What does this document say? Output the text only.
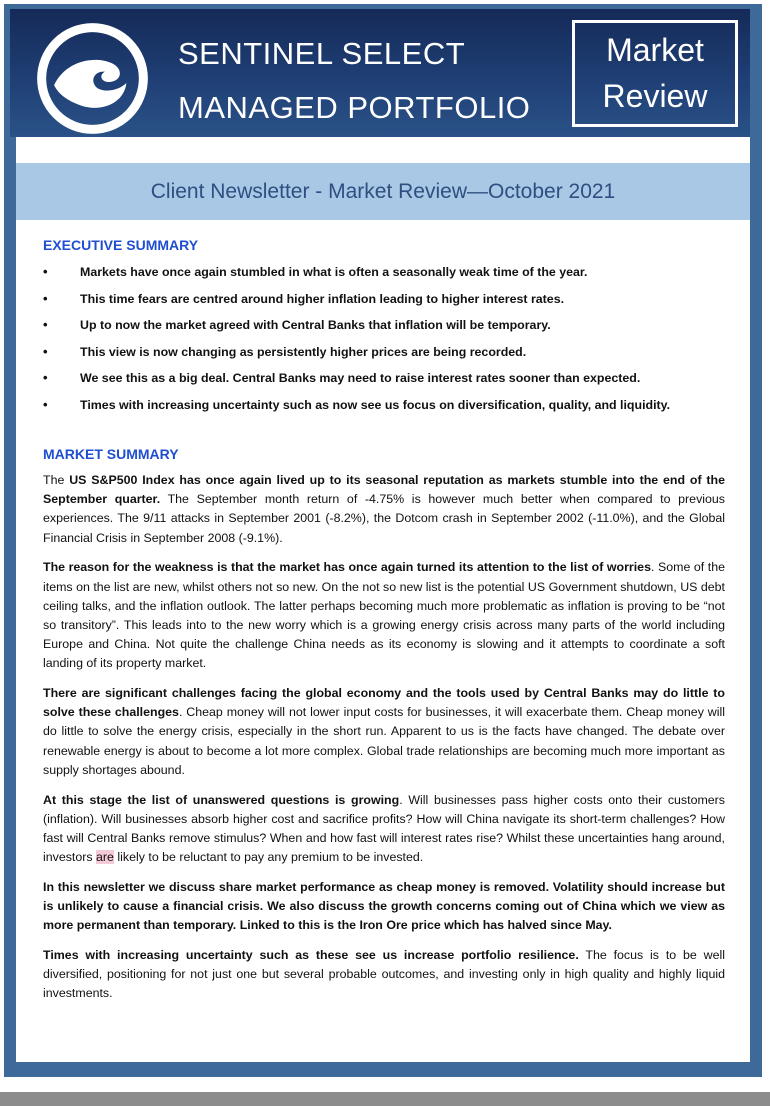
SENTINEL SELECT
MANAGED PORTFOLIO
Market
Review
Client Newsletter - Market Review—October 2021
EXECUTIVE SUMMARY
• Markets have once again stumbled in what is often a seasonally weak time of the year.
• This time fears are centred around higher inflation leading to higher interest rates.
• Up to now the market agreed with Central Banks that inflation will be temporary.
• This view is now changing as persistently higher prices are being recorded.
• We see this as a big deal. Central Banks may need to raise interest rates sooner than expected.
• Times with increasing uncertainty such as now see us focus on diversification, quality, and liquidity.
MARKET SUMMARY

The US S&P500 Index has once again lived up to its seasonal reputation as markets stumble into the end of the September quarter. The September month return of -4.75% is however much better when compared to previous experiences. The 9/11 attacks in September 2001 (-8.2%), the Dotcom crash in September 2002 (-11.0%), and the Global Financial Crisis in September 2008 (-9.1%).

The reason for the weakness is that the market has once again turned its attention to the list of worries. Some of the items on the list are new, whilst others not so new. On the not so new list is the potential US Government shutdown, US debt ceiling talks, and the inflation outlook. The latter perhaps becoming much more problematic as inflation is proving to be “not so transitory”. This leads into to the new worry which is a growing energy crisis across many parts of the world including Europe and China. Not quite the challenge China needs as its economy is slowing and it attempts to coordinate a soft landing of its property market.

There are significant challenges facing the global economy and the tools used by Central Banks may do little to solve these challenges. Cheap money will not lower input costs for businesses, it will exacerbate them. Cheap money will do little to solve the energy crisis, especially in the short run. Apparent to us is the facts have changed. The debate over renewable energy is about to become a lot more complex. Global trade relationships are becoming much more important as supply shortages abound.

At this stage the list of unanswered questions is growing. Will businesses pass higher costs onto their customers (inflation). Will businesses absorb higher cost and sacrifice profits? How will China navigate its short-term challenges? How fast will Central Banks remove stimulus? When and how fast will interest rates rise? Whilst these uncertainties hang around, investors are likely to be reluctant to pay any premium to be invested.

In this newsletter we discuss share market performance as cheap money is removed. Volatility should increase but is unlikely to cause a financial crisis. We also discuss the growth concerns coming out of China which we view as more permanent than temporary. Linked to this is the Iron Ore price which has halved since May.

Times with increasing uncertainty such as these see us increase portfolio resilience. The focus is to be well diversified, positioning for not just one but several probable outcomes, and investing only in high quality and highly liquid investments.
